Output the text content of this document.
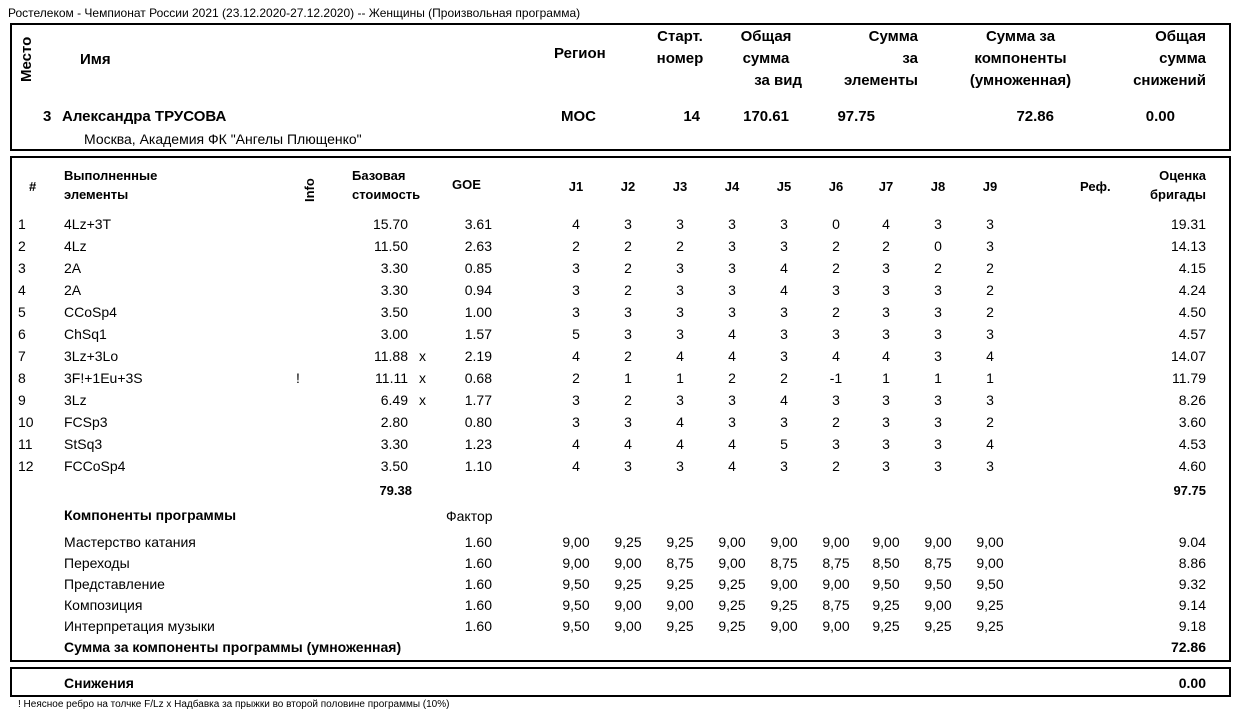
Ростелеком - Чемпионат России 2021 (23.12.2020-27.12.2020) -- Женщины (Произвольная программа)
Место	Имя	Регион
Старт.
номер
Общая
сумма
за вид
Сумма
за
элементы
Сумма за
компоненты
(умноженная)
Общая
сумма
снижений
3 Александра ТРУСОВА
Москва, Академия ФК "Ангелы Плющенко"
MOC	14	170.61	97.75	72.86	0.00
#
Выполненные
элементы	Info
Базовая
стоимость
GOE	J1	J2	J3	J4	J5	J6	J7	J8	J9	Реф.
Оценка
бригады
1	4Lz+3T	15.70	3.61	4	3	3	3	3	0	4	3	3	19.31
2	4Lz	11.50	2.63	2	2	2	3	3	2	2	0	3	14.13
3	2A	3.30	0.85	3	2	3	3	4	2	3	2	2	4.15
4	2A	3.30	0.94	3	2	3	3	4	3	3	3	2	4.24
5	CCoSp4	3.50	1.00	3	3	3	3	3	2	3	3	2	4.50
6	ChSq1	3.00	1.57	5	3	3	4	3	3	3	3	3	4.57
7	3Lz+3Lo	11.88 x	2.19	4	2	4	4	3	4	4	3	4	14.07
8	3F!+1Eu+3S	!	11.11 x	0.68	2	1	1	2	2	-1	1	1	1	11.79
9	3Lz	6.49 x	1.77	3	2	3	3	4	3	3	3	3	8.26
10	FCSp3	2.80	0.80	3	3	4	3	3	2	3	3	2	3.60
11	StSq3	3.30	1.23	4	4	4	4	5	3	3	3	4	4.53
12	FCCoSp4	3.50	1.10	4	3	3	4	3	2	3	3	3	4.60
79.38	97.75
Компоненты программы	Фактор
Мастерство катания	1.60	9,00	9,25	9,25	9,00	9,00	9,00	9,00	9,00	9,00	9.04
Переходы	1.60	9,00	9,00	8,75	9,00	8,75	8,75	8,50	8,75	9,00	8.86
Представление	1.60	9,50	9,25	9,25	9,25	9,00	9,00	9,50	9,50	9,50	9.32
Композиция	1.60	9,50	9,00	9,00	9,25	9,25	8,75	9,25	9,00	9,25	9.14
Интерпретация музыки	1.60	9,50	9,00	9,25	9,25	9,00	9,00	9,25	9,25	9,25	9.18
Сумма за компоненты программы (умноженная)	72.86
Снижения	0.00
! Неясное ребро на толчке F/Lz x Надбавка за прыжки во второй половине программы (10%)
